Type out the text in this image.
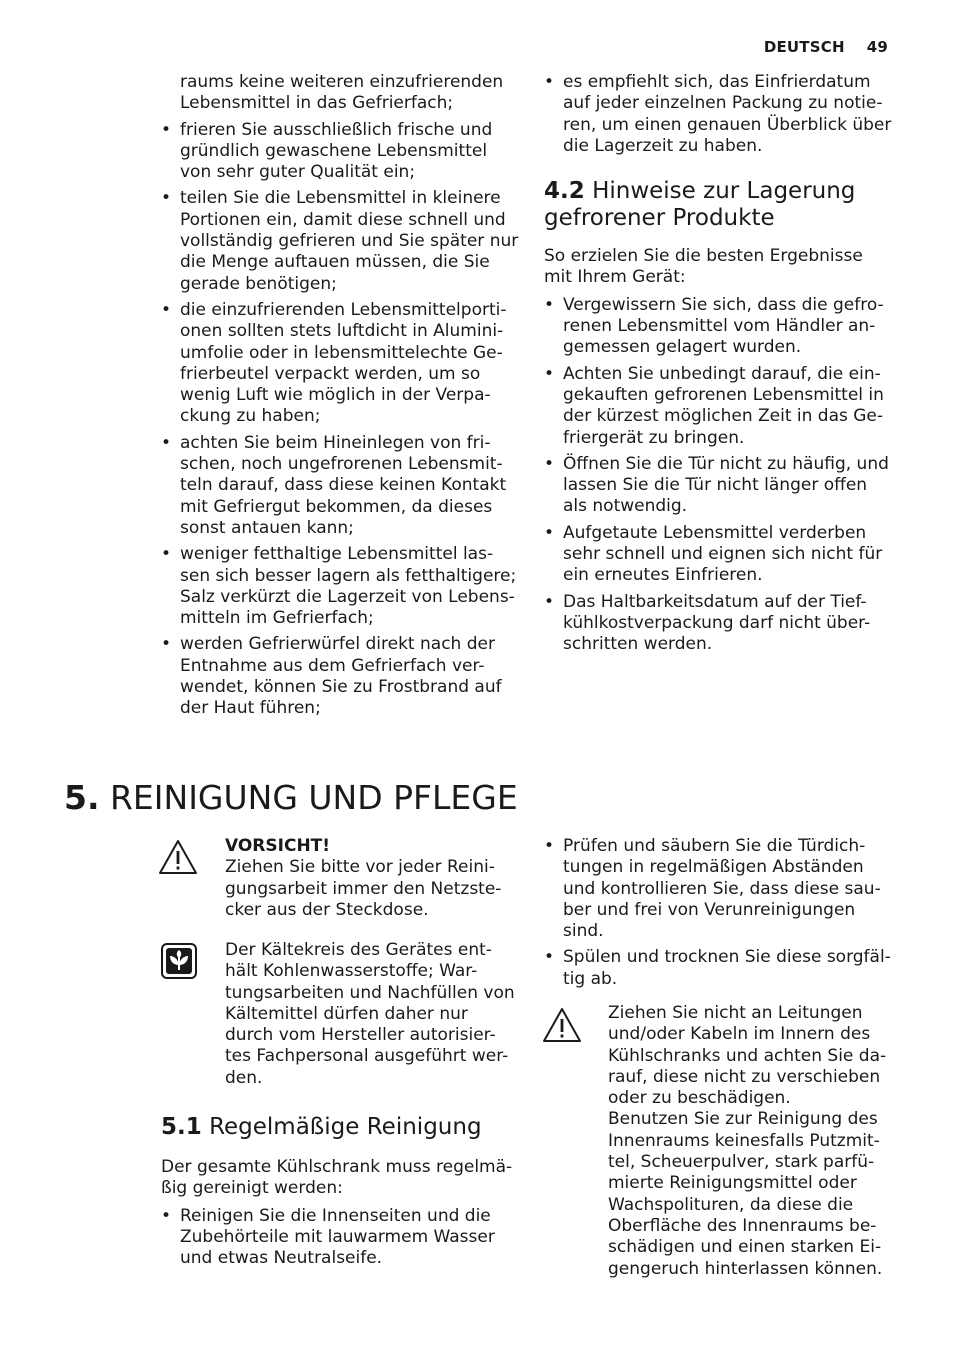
DEUTSCH 49
raums keine weiteren einzufrierenden Lebensmittel in das Gefrierfach;
• frieren Sie ausschließlich frische und gründlich gewaschene Lebensmittel von sehr guter Qualität ein;
• teilen Sie die Lebensmittel in kleinere Portionen ein, damit diese schnell und vollständig gefrieren und Sie später nur die Menge auftauen müssen, die Sie gerade benötigen;
• die einzufrierenden Lebensmittelporti- onen sollten stets luftdicht in Alumini- umfolie oder in lebensmittelechte Ge- frierbeutel verpackt werden, um so wenig Luft wie möglich in der Verpa- ckung zu haben;
• achten Sie beim Hineinlegen von fri- schen, noch ungefrorenen Lebensmit- teln darauf, dass diese keinen Kontakt mit Gefriergut bekommen, da dieses sonst antauen kann;
• weniger fetthaltige Lebensmittel las- sen sich besser lagern als fetthaltigere; Salz verkürzt die Lagerzeit von Lebens- mitteln im Gefrierfach;
• werden Gefrierwürfel direkt nach der Entnahme aus dem Gefrierfach ver- wendet, können Sie zu Frostbrand auf der Haut führen;
• es empfiehlt sich, das Einfrierdatum auf jeder einzelnen Packung zu notie- ren, um einen genauen Überblick über die Lagerzeit zu haben.
4.2 Hinweise zur Lagerung gefrorener Produkte
So erzielen Sie die besten Ergebnisse mit Ihrem Gerät:
• Vergewissern Sie sich, dass die gefro- renen Lebensmittel vom Händler an- gemessen gelagert wurden.
• Achten Sie unbedingt darauf, die ein- gekauften gefrorenen Lebensmittel in der kürzest möglichen Zeit in das Ge- friergerät zu bringen.
• Öffnen Sie die Tür nicht zu häufig, und lassen Sie die Tür nicht länger offen als notwendig.
• Aufgetaute Lebensmittel verderben sehr schnell und eignen sich nicht für ein erneutes Einfrieren.
• Das Haltbarkeitsdatum auf der Tief- kühlkostverpackung darf nicht über- schritten werden.
5. REINIGUNG UND PFLEGE
VORSICHT!
Ziehen Sie bitte vor jeder Reini- gungsarbeit immer den Netzste- cker aus der Steckdose.
Der Kältekreis des Gerätes ent- hält Kohlenwasserstoffe; War- tungsarbeiten und Nachfüllen von Kältemittel dürfen daher nur durch vom Hersteller autorisier- tes Fachpersonal ausgeführt wer- den.
5.1 Regelmäßige Reinigung
Der gesamte Kühlschrank muss regelmä- ßig gereinigt werden:
• Reinigen Sie die Innenseiten und die Zubehörteile mit lauwarmem Wasser und etwas Neutralseife.
• Prüfen und säubern Sie die Türdich- tungen in regelmäßigen Abständen und kontrollieren Sie, dass diese sau- ber und frei von Verunreinigungen sind.
• Spülen und trocknen Sie diese sorgfäl- tig ab.
Ziehen Sie nicht an Leitungen und/oder Kabeln im Innern des Kühlschranks und achten Sie da- rauf, diese nicht zu verschieben oder zu beschädigen.
Benutzen Sie zur Reinigung des Innenraums keinesfalls Putzmit- tel, Scheuerpulver, stark parfü- mierte Reinigungsmittel oder Wachspolituren, da diese die Oberfläche des Innenraums be- schädigen und einen starken Ei- gengeruch hinterlassen können.
